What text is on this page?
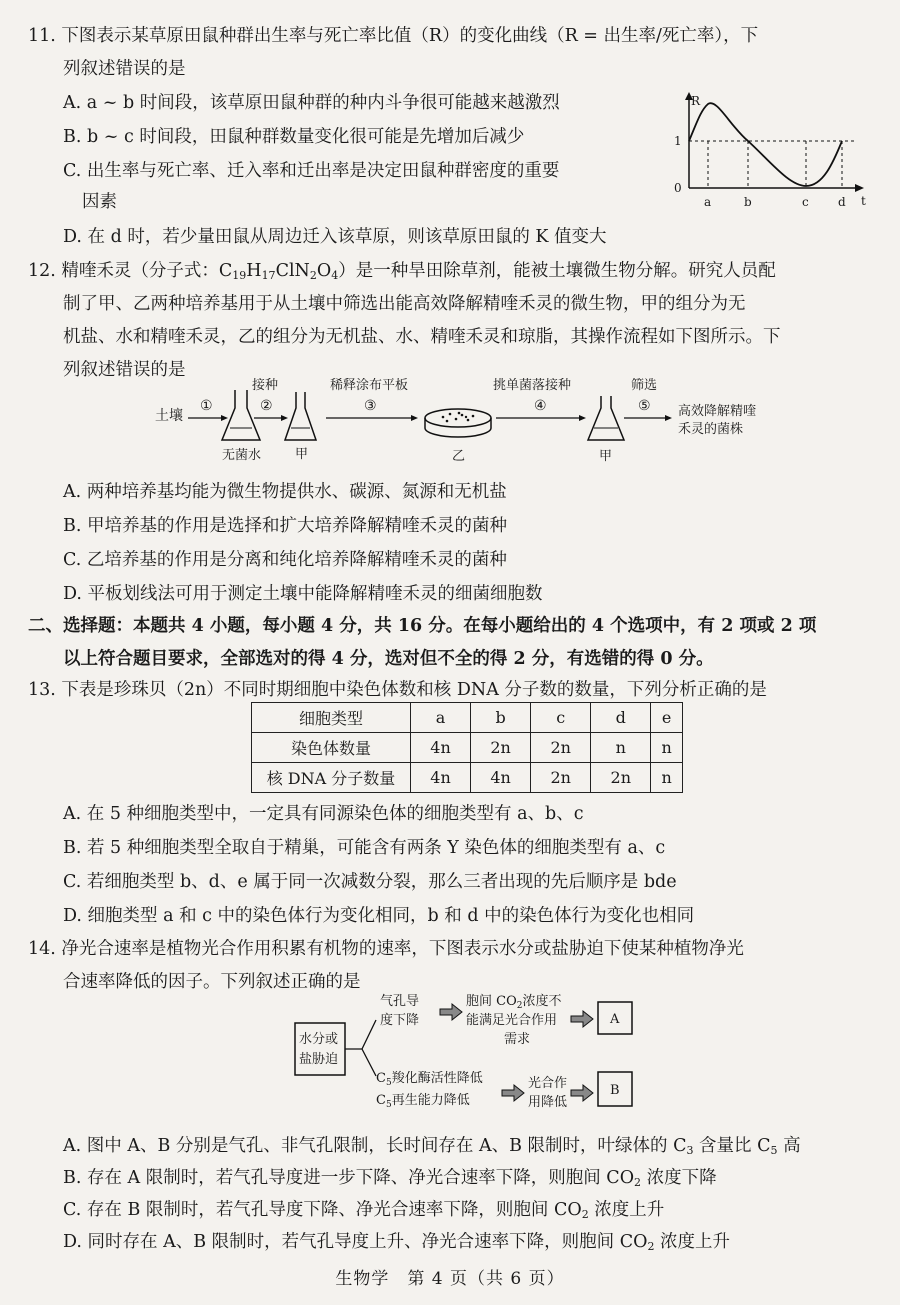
11. 下图表示某草原田鼠种群出生率与死亡率比值（R）的变化曲线（R = 出生率/死亡率），下
列叙述错误的是
A. a ~ b 时间段，该草原田鼠种群的种内斗争很可能越来越激烈
B. b ~ c 时间段，田鼠种群数量变化很可能是先增加后减少
C. 出生率与死亡率、迁入率和迁出率是决定田鼠种群密度的重要
因素
D. 在 d 时，若少量田鼠从周边迁入该草原，则该草原田鼠的 K 值变大
R
1
0
t
a	b	c d
12. 精喹禾灵（分子式：$C_{19}H_{17}ClN_2O_4$）是一种旱田除草剂，能被土壤微生物分解。研究人员配
制了甲、乙两种培养基用于从土壤中筛选出能高效降解精喹禾灵的微生物，甲的组分为无
机盐、水和精喹禾灵，乙的组分为无机盐、水、精喹禾灵和琼脂，其操作流程如下图所示。下
列叙述错误的是
土壤
①
无菌水
接种
②
甲
稀释涂布平板
③
乙
挑单菌落接种
④
甲
筛选
⑤ 高效降解精喹
禾灵的菌株
A. 两种培养基均能为微生物提供水、碳源、氮源和无机盐
B. 甲培养基的作用是选择和扩大培养降解精喹禾灵的菌种
C. 乙培养基的作用是分离和纯化培养降解精喹禾灵的菌种
D. 平板划线法可用于测定土壤中能降解精喹禾灵的细菌细胞数
二、选择题：本题共 4 小题，每小题 4 分，共 16 分。在每小题给出的 4 个选项中，有 2 项或 2 项
以上符合题目要求，全部选对的得 4 分，选对但不全的得 2 分，有选错的得 0 分。
13. 下表是珍珠贝（2n）不同时期细胞中染色体数和核 DNA 分子数的数量，下列分析正确的是
细胞类型	a	b	c	d	e
染色体数量	4n	2n	2n	n	n
核 DNA 分子数量	4n	4n	2n	2n	n
A. 在 5 种细胞类型中，一定具有同源染色体的细胞类型有 a、b、c
B. 若 5 种细胞类型全取自于精巢，可能含有两条 Y 染色体的细胞类型有 a、c
C. 若细胞类型 b、d、e 属于同一次减数分裂，那么三者出现的先后顺序是 bde
D. 细胞类型 a 和 c 中的染色体行为变化相同，b 和 d 中的染色体行为变化也相同
14. 净光合速率是植物光合作用积累有机物的速率，下图表示水分或盐胁迫下使某种植物净光
合速率降低的因子。下列叙述正确的是
水分或
盐胁迫
气孔导
度下降
胞间 $CO_2$浓度不
能满足光合作用
需求
A
$C_5$羧化酶活性降低
$C_5$再生能力降低
光合作
用降低
B
A. 图中 A、B 分别是气孔、非气孔限制，长时间存在 A、B 限制时，叶绿体的 $C_3$ 含量比 $C_5$ 高
B. 存在 A 限制时，若气孔导度进一步下降、净光合速率下降，则胞间 $CO_2$ 浓度下降
C. 存在 B 限制时，若气孔导度下降、净光合速率下降，则胞间 $CO_2$ 浓度上升
D. 同时存在 A、B 限制时，若气孔导度上升、净光合速率下降，则胞间 $CO_2$ 浓度上升
生物学　第 4 页（共 6 页）
